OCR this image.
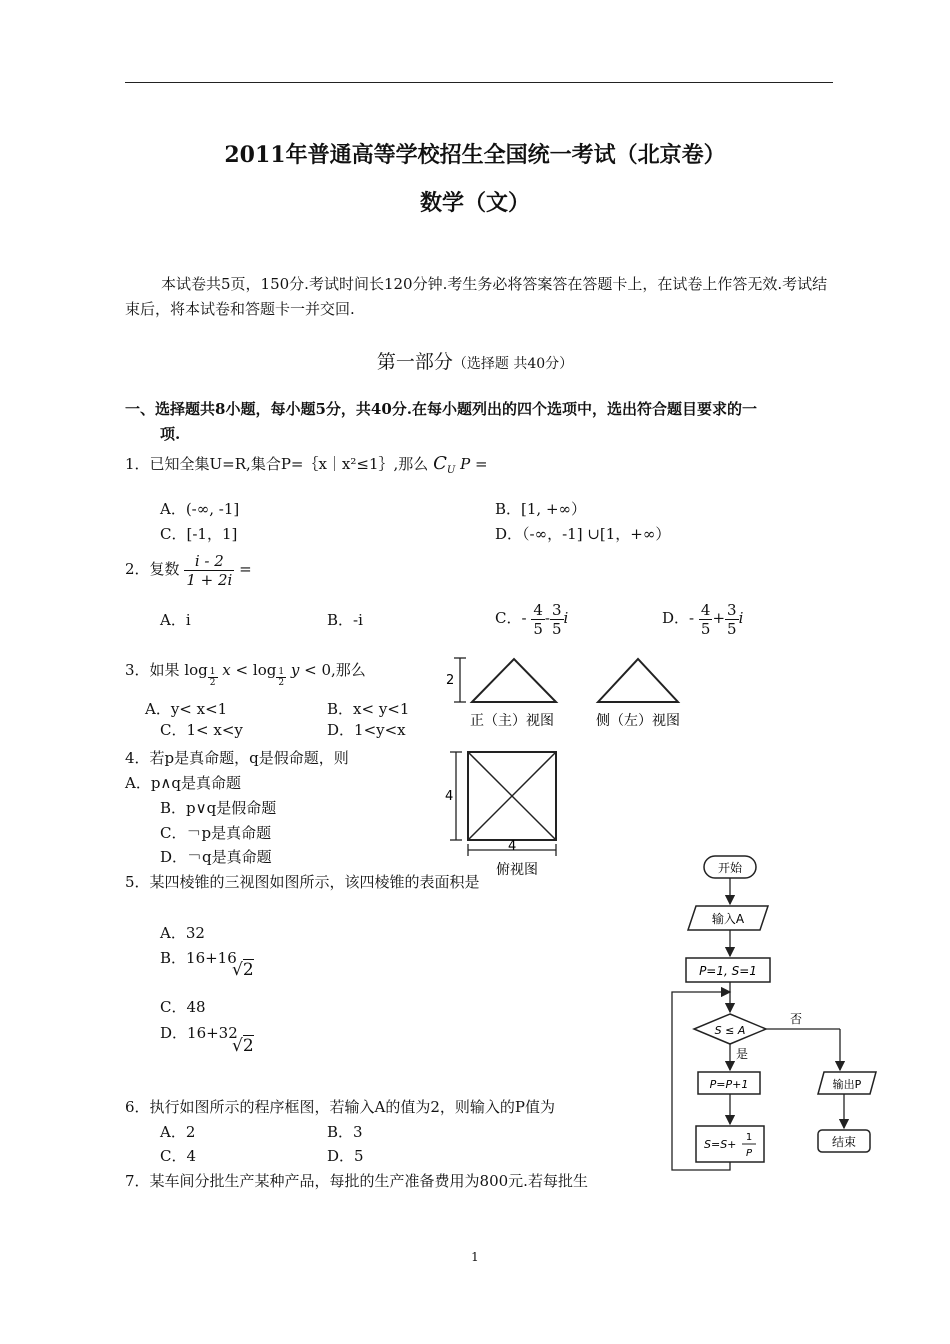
2011年普通高等学校招生全国统一考试（北京卷）
数学（文）
本试卷共5页，150分.考试时间长120分钟.考生务必将答案答在答题卡上，在试卷上作答无效.考试结束后，将本试卷和答题卡一并交回.
第一部分（选择题 共40分）
一、选择题共8小题，每小题5分，共40分.在每小题列出的四个选项中，选出符合题目要求的一
项.
1．已知全集U=R,集合P=｛x｜x²≤1｝,那么 $C_U$ P =
A．(-∞, -1]	B．[1, +∞）
C．[-1，1]	D．（-∞，-1] ∪[1，+∞）
2．复数 $\frac{i - 2}{1 + 2i}$ =
A．i	B．-i	C．- $\frac{4}{5} - \frac{3}{5}$ i	D．- $\frac{4}{5} + \frac{3}{5}$ i
3．如果 $\log \frac{1}{2}$ $x < \log \frac{1}{2}$ y < 0,那么
A．y< x<1	B．x< y<1
C．1< x<y	D．1<y<x
4．若p是真命题，q是假命题，则
A．p∧q是真命题
B．p∨q是假命题
C．￢p是真命题
D．￢q是真命题
5．某四棱锥的三视图如图所示，该四棱锥的表面积是
A．32
B．16+16
√2
C．48
D．16+32
√2
6．执行如图所示的程序框图，若输入A的值为2，则输入的P值为
A．2	B．3
C．4	D．5
7．某车间分批生产某种产品，每批的生产准备费用为800元.若每批生
2
正（主）视图	侧（左）视图
4
4
俯视图	开始
输入A
P=1, S=1
S ≤ A
否
是
P=P+1
S=S+
1
P
输出P
结束
1
